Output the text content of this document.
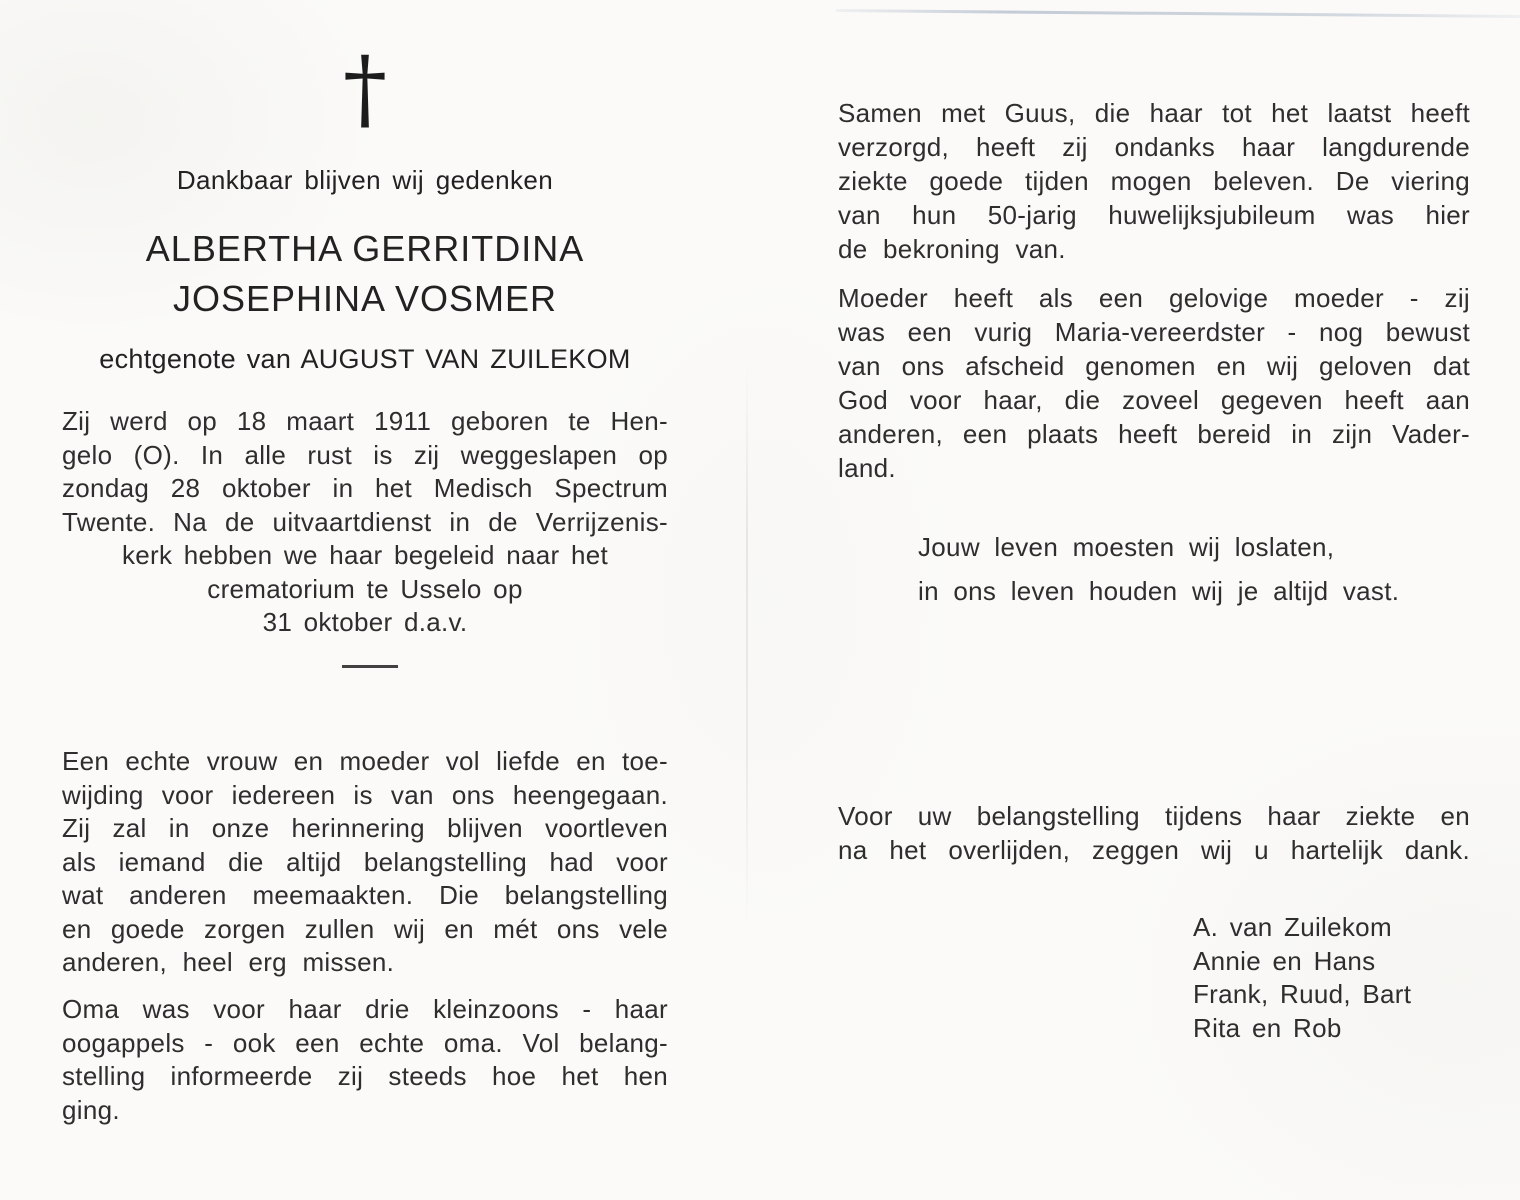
†
Dankbaar blijven wij gedenken
ALBERTHA GERRITDINA
JOSEPHINA VOSMER
echtgenote van AUGUST VAN ZUILEKOM
Zij werd op 18 maart 1911 geboren te Hen-
gelo (O). In alle rust is zij weggeslapen op
zondag 28 oktober in het Medisch Spectrum
Twente. Na de uitvaartdienst in de Verrijzenis-
kerk hebben we haar begeleid naar het
crematorium te Usselo op
31 oktober d.a.v.
Een echte vrouw en moeder vol liefde en toe-
wijding voor iedereen is van ons heengegaan.
Zij zal in onze herinnering blijven voortleven
als iemand die altijd belangstelling had voor
wat anderen meemaakten. Die belangstelling
en goede zorgen zullen wij en mét ons vele
anderen, heel erg missen.
Oma was voor haar drie kleinzoons - haar
oogappels - ook een echte oma. Vol belang-
stelling informeerde zij steeds hoe het hen
ging.
Samen met Guus, die haar tot het laatst heeft
verzorgd, heeft zij ondanks haar langdurende
ziekte goede tijden mogen beleven. De viering
van hun 50-jarig huwelijksjubileum was hier
de bekroning van.
Moeder heeft als een gelovige moeder - zij
was een vurig Maria-vereerdster - nog bewust
van ons afscheid genomen en wij geloven dat
God voor haar, die zoveel gegeven heeft aan
anderen, een plaats heeft bereid in zijn Vader-
land.
Jouw leven moesten wij loslaten,
in ons leven houden wij je altijd vast.
Voor uw belangstelling tijdens haar ziekte en
na het overlijden, zeggen wij u hartelijk dank.
A. van Zuilekom
Annie en Hans
Frank, Ruud, Bart
Rita en Rob
